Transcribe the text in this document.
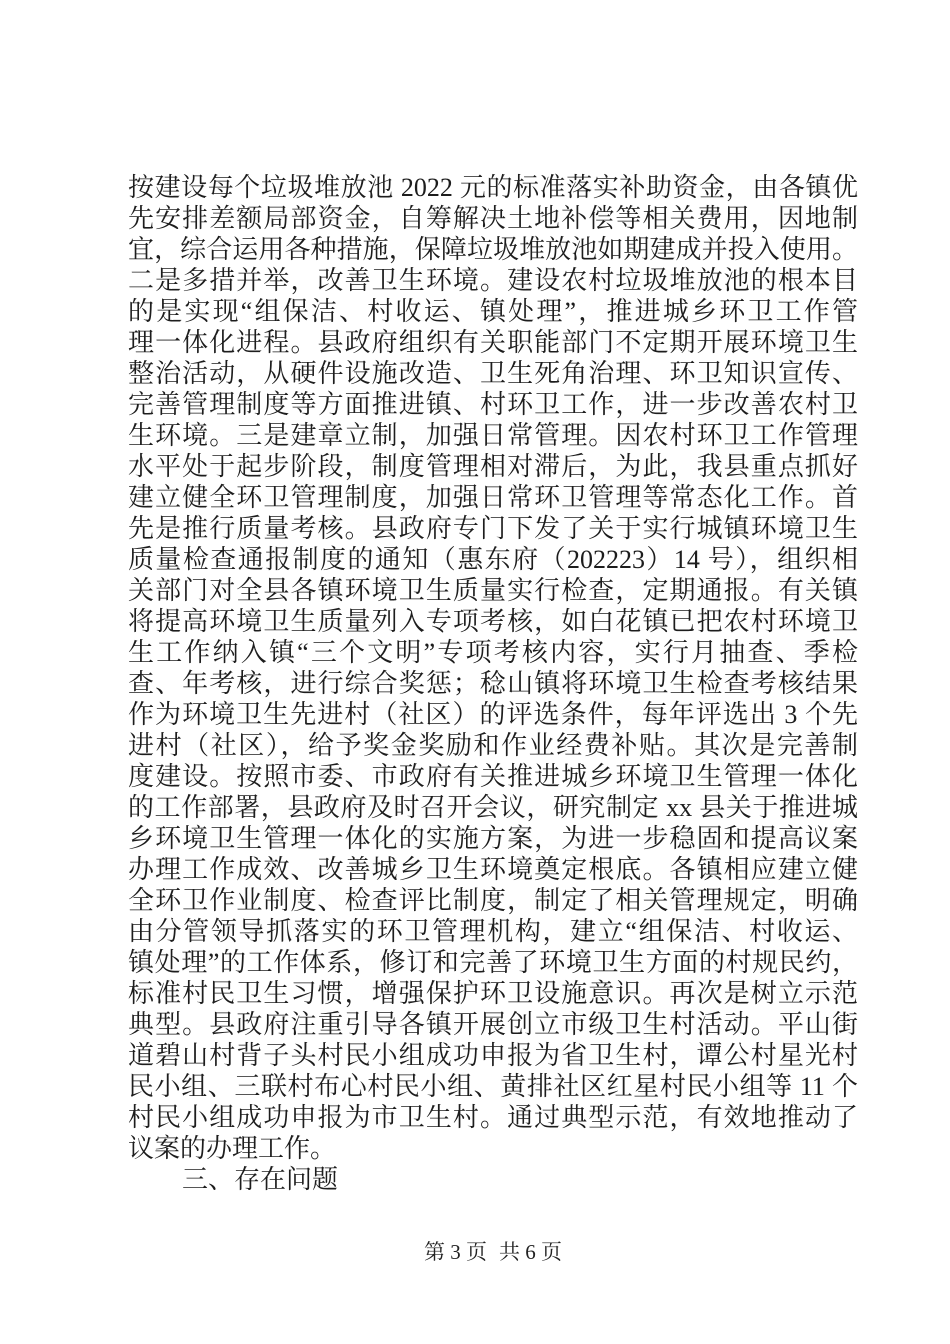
按建设每个垃圾堆放池 2022 元的标准落实补助资金，由各镇优
先安排差额局部资金，自筹解决土地补偿等相关费用，因地制
宜，综合运用各种措施，保障垃圾堆放池如期建成并投入使用。
二是多措并举，改善卫生环境。建设农村垃圾堆放池的根本目
的是实现“组保洁、村收运、镇处理”，推进城乡环卫工作管
理一体化进程。县政府组织有关职能部门不定期开展环境卫生
整治活动，从硬件设施改造、卫生死角治理、环卫知识宣传、
完善管理制度等方面推进镇、村环卫工作，进一步改善农村卫
生环境。三是建章立制，加强日常管理。因农村环卫工作管理
水平处于起步阶段，制度管理相对滞后，为此，我县重点抓好
建立健全环卫管理制度，加强日常环卫管理等常态化工作。首
先是推行质量考核。县政府专门下发了关于实行城镇环境卫生
质量检查通报制度的通知（惠东府（202223）14 号），组织相
关部门对全县各镇环境卫生质量实行检查，定期通报。有关镇
将提高环境卫生质量列入专项考核，如白花镇已把农村环境卫
生工作纳入镇“三个文明”专项考核内容，实行月抽查、季检
查、年考核，进行综合奖惩；稔山镇将环境卫生检查考核结果
作为环境卫生先进村（社区）的评选条件，每年评选出 3 个先
进村（社区），给予奖金奖励和作业经费补贴。其次是完善制
度建设。按照市委、市政府有关推进城乡环境卫生管理一体化
的工作部署，县政府及时召开会议，研究制定 xx 县关于推进城
乡环境卫生管理一体化的实施方案，为进一步稳固和提高议案
办理工作成效、改善城乡卫生环境奠定根底。各镇相应建立健
全环卫作业制度、检查评比制度，制定了相关管理规定，明确
由分管领导抓落实的环卫管理机构，建立“组保洁、村收运、
镇处理”的工作体系，修订和完善了环境卫生方面的村规民约，
标准村民卫生习惯，增强保护环卫设施意识。再次是树立示范
典型。县政府注重引导各镇开展创立市级卫生村活动。平山街
道碧山村背子头村民小组成功申报为省卫生村，谭公村星光村
民小组、三联村布心村民小组、黄排社区红星村民小组等 11 个
村民小组成功申报为市卫生村。通过典型示范，有效地推动了
议案的办理工作。
三、存在问题
第 3 页 共 6 页
